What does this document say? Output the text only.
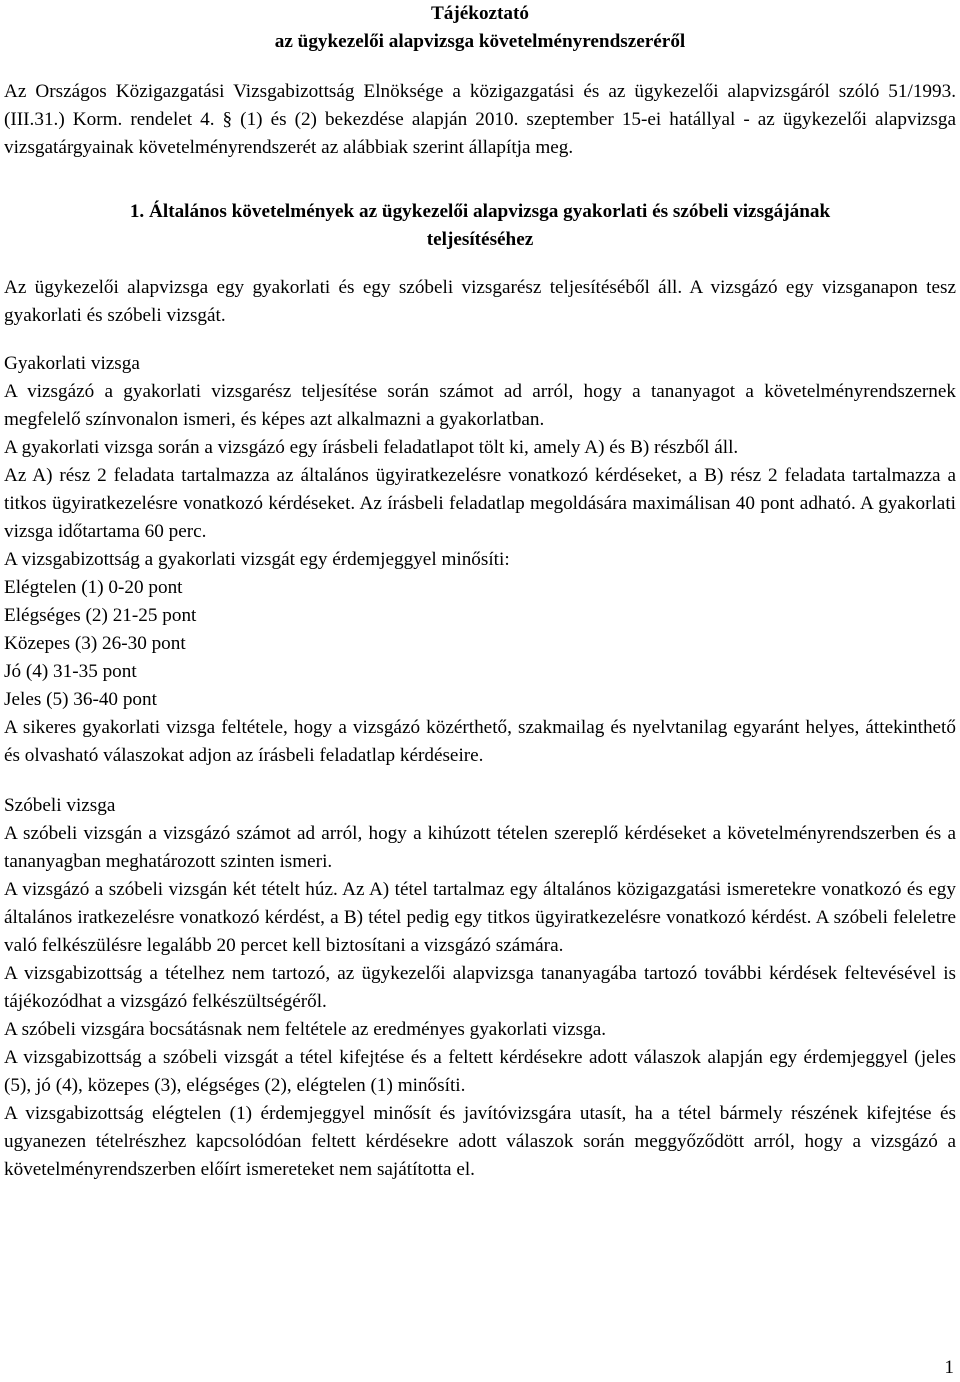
Tájékoztató

az ügykezelői alapvizsga követelményrendszeréről

Az Országos Közigazgatási Vizsgabizottság Elnöksége a közigazgatási és az ügykezelői alapvizsgáról szóló 51/1993. (III.31.) Korm. rendelet 4. § (1) és (2) bekezdése alapján 2010. szeptember 15-ei hatállyal - az ügykezelői alapvizsga vizsgatárgyainak követelményrendszerét az alábbiak szerint állapítja meg.

1. Általános követelmények az ügykezelői alapvizsga gyakorlati és szóbeli vizsgájának

teljesítéséhez

Az ügykezelői alapvizsga egy gyakorlati és egy szóbeli vizsgarész teljesítéséből áll. A vizsgázó egy vizsganapon tesz gyakorlati és szóbeli vizsgát.

Gyakorlati vizsga

A vizsgázó a gyakorlati vizsgarész teljesítése során számot ad arról, hogy a tananyagot a követelményrendszernek megfelelő színvonalon ismeri, és képes azt alkalmazni a gyakorlatban.

A gyakorlati vizsga során a vizsgázó egy írásbeli feladatlapot tölt ki, amely A) és B) részből áll.

Az A) rész 2 feladata tartalmazza az általános ügyiratkezelésre vonatkozó kérdéseket, a B) rész 2 feladata tartalmazza a titkos ügyiratkezelésre vonatkozó kérdéseket. Az írásbeli feladatlap megoldására maximálisan 40 pont adható. A gyakorlati vizsga időtartama 60 perc.

A vizsgabizottság a gyakorlati vizsgát egy érdemjeggyel minősíti:

Elégtelen (1) 0-20 pont

Elégséges (2) 21-25 pont

Közepes (3) 26-30 pont

Jó (4) 31-35 pont

Jeles (5) 36-40 pont

A sikeres gyakorlati vizsga feltétele, hogy a vizsgázó közérthető, szakmailag és nyelvtanilag egyaránt helyes, áttekinthető és olvasható válaszokat adjon az írásbeli feladatlap kérdéseire.

Szóbeli vizsga

A szóbeli vizsgán a vizsgázó számot ad arról, hogy a kihúzott tételen szereplő kérdéseket a követelményrendszerben és a tananyagban meghatározott szinten ismeri.

A vizsgázó a szóbeli vizsgán két tételt húz. Az A) tétel tartalmaz egy általános közigazgatási ismeretekre vonatkozó és egy általános iratkezelésre vonatkozó kérdést, a B) tétel pedig egy titkos ügyiratkezelésre vonatkozó kérdést. A szóbeli feleletre való felkészülésre legalább 20 percet kell biztosítani a vizsgázó számára.

A vizsgabizottság a tételhez nem tartozó, az ügykezelői alapvizsga tananyagába tartozó további kérdések feltevésével is tájékozódhat a vizsgázó felkészültségéről.

A szóbeli vizsgára bocsátásnak nem feltétele az eredményes gyakorlati vizsga.

A vizsgabizottság a szóbeli vizsgát a tétel kifejtése és a feltett kérdésekre adott válaszok alapján egy érdemjeggyel (jeles (5), jó (4), közepes (3), elégséges (2), elégtelen (1) minősíti.

A vizsgabizottság elégtelen (1) érdemjeggyel minősít és javítóvizsgára utasít, ha a tétel bármely részének kifejtése és ugyanezen tételrészhez kapcsolódóan feltett kérdésekre adott válaszok során meggyőződött arról, hogy a vizsgázó a követelményrendszerben előírt ismereteket nem sajátította el.

1
